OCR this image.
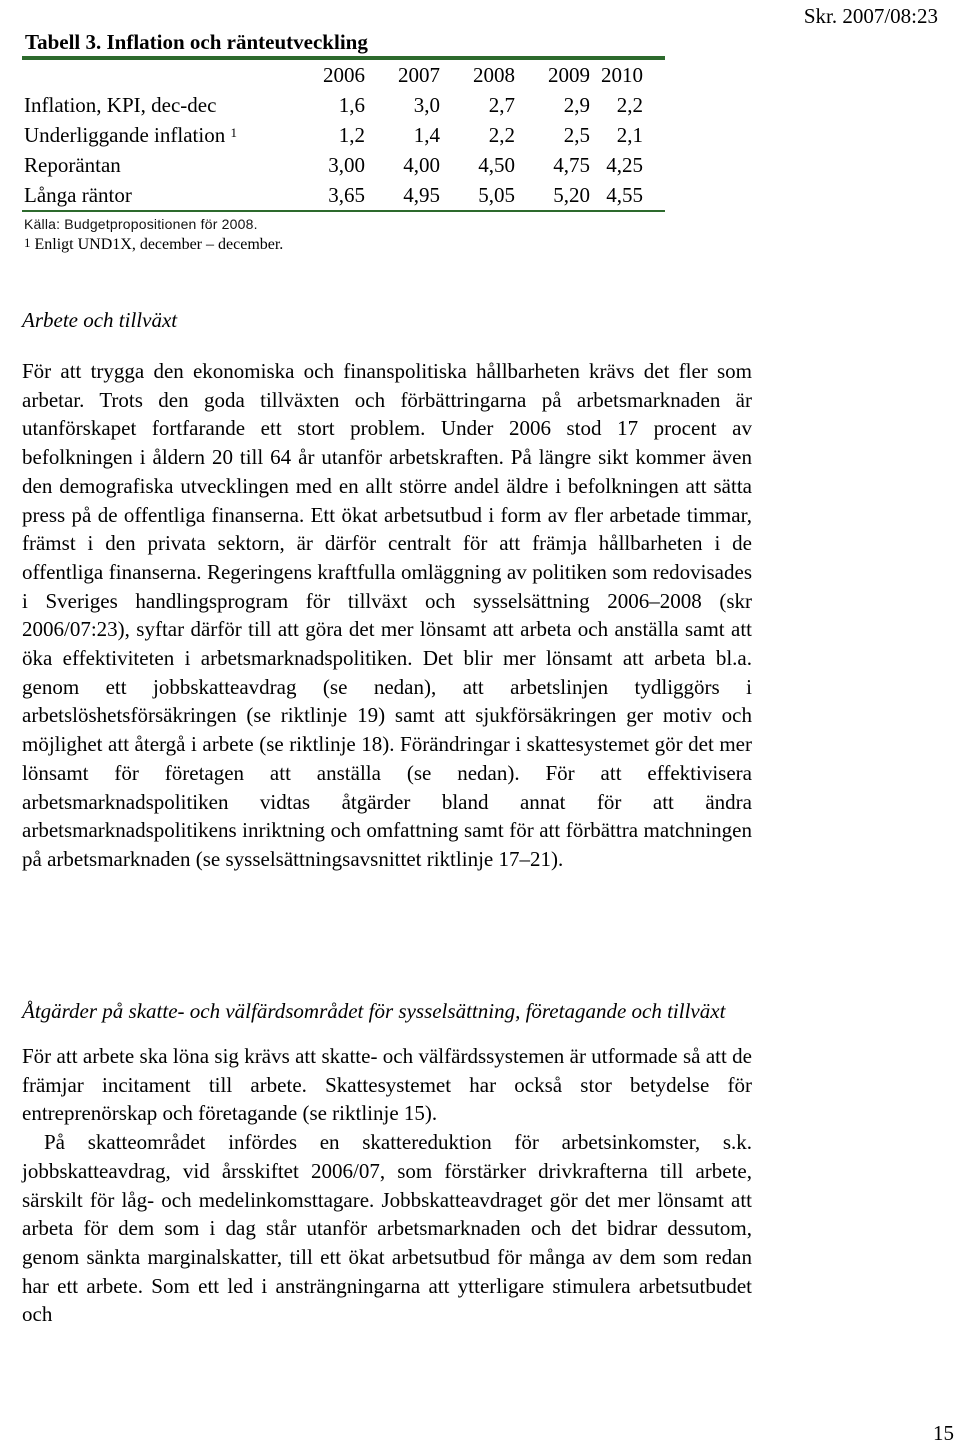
Skr. 2007/08:23
Tabell 3. Inflation och ränteutveckling
	2006	2007	2008	2009	2010
Inflation, KPI, dec-dec	1,6	3,0	2,7	2,9	2,2
Underliggande inflation $^1$	1,2	1,4	2,2	2,5	2,1
Reporäntan	3,00	4,00	4,50	4,75	4,25
Långa räntor	3,65	4,95	5,05	5,20	4,55
Källa: Budgetpropositionen för 2008.
$^1$ Enligt UND1X, december – december.
Arbete och tillväxt

För att trygga den ekonomiska och finanspolitiska hållbarheten krävs det fler som arbetar. Trots den goda tillväxten och förbättringarna på arbetsmarknaden är utanförskapet fortfarande ett stort problem. Under 2006 stod 17 procent av befolkningen i åldern 20 till 64 år utanför arbetskraften. På längre sikt kommer även den demografiska utvecklingen med en allt större andel äldre i befolkningen att sätta press på de offentliga finanserna. Ett ökat arbetsutbud i form av fler arbetade timmar, främst i den privata sektorn, är därför centralt för att främja hållbarheten i de offentliga finanserna. Regeringens kraftfulla omläggning av politiken som redovisades i Sveriges handlingsprogram för tillväxt och sysselsättning 2006–2008 (skr 2006/07:23), syftar därför till att göra det mer lönsamt att arbeta och anställa samt att öka effektiviteten i arbetsmarknadspolitiken. Det blir mer lönsamt att arbeta bl.a. genom ett jobbskatteavdrag (se nedan), att arbetslinjen tydliggörs i arbetslöshetsförsäkringen (se riktlinje 19) samt att sjukförsäkringen ger motiv och möjlighet att återgå i arbete (se riktlinje 18). Förändringar i skattesystemet gör det mer lönsamt för företagen att anställa (se nedan). För att effektivisera arbetsmarknadspolitiken vidtas åtgärder bland annat för att ändra arbetsmarknadspolitikens inriktning och omfattning samt för att förbättra matchningen på arbetsmarknaden (se sysselsättningsavsnittet riktlinje 17–21).

Åtgärder på skatte- och välfärdsområdet för sysselsättning, företagande och tillväxt

För att arbete ska löna sig krävs att skatte- och välfärdssystemen är utformade så att de främjar incitament till arbete. Skattesystemet har också stor betydelse för entreprenörskap och företagande (se riktlinje 15).

På skatteområdet infördes en skattereduktion för arbetsinkomster, s.k. jobbskatteavdrag, vid årsskiftet 2006/07, som förstärker drivkrafterna till arbete, särskilt för låg- och medelinkomsttagare. Jobbskatteavdraget gör det mer lönsamt att arbeta för dem som i dag står utanför arbetsmarknaden och det bidrar dessutom, genom sänkta marginalskatter, till ett ökat arbetsutbud för många av dem som redan har ett arbete. Som ett led i ansträngningarna att ytterligare stimulera arbetsutbudet och

15
